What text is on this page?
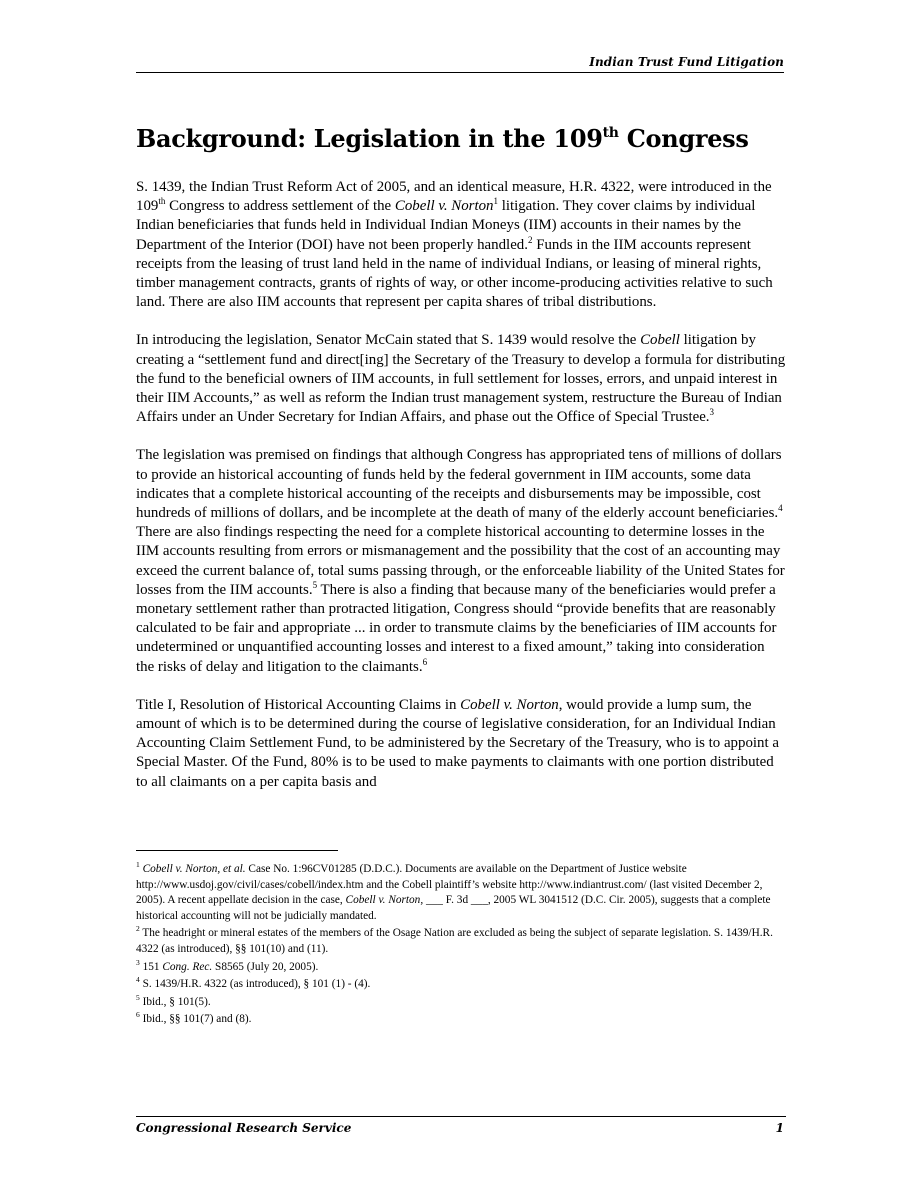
Indian Trust Fund Litigation
Background: Legislation in the 109th Congress

S. 1439, the Indian Trust Reform Act of 2005, and an identical measure, H.R. 4322, were introduced in the 109th Congress to address settlement of the Cobell v. Norton$^1$ litigation. They cover claims by individual Indian beneficiaries that funds held in Individual Indian Moneys (IIM) accounts in their names by the Department of the Interior (DOI) have not been properly handled.$^2$ Funds in the IIM accounts represent receipts from the leasing of trust land held in the name of individual Indians, or leasing of mineral rights, timber management contracts, grants of rights of way, or other income-producing activities relative to such land. There are also IIM accounts that represent per capita shares of tribal distributions.

In introducing the legislation, Senator McCain stated that S. 1439 would resolve the Cobell litigation by creating a “settlement fund and direct[ing] the Secretary of the Treasury to develop a formula for distributing the fund to the beneficial owners of IIM accounts, in full settlement for losses, errors, and unpaid interest in their IIM Accounts,” as well as reform the Indian trust management system, restructure the Bureau of Indian Affairs under an Under Secretary for Indian Affairs, and phase out the Office of Special Trustee.$^3$

The legislation was premised on findings that although Congress has appropriated tens of millions of dollars to provide an historical accounting of funds held by the federal government in IIM accounts, some data indicates that a complete historical accounting of the receipts and disbursements may be impossible, cost hundreds of millions of dollars, and be incomplete at the death of many of the elderly account beneficiaries.$^4$ There are also findings respecting the need for a complete historical accounting to determine losses in the IIM accounts resulting from errors or mismanagement and the possibility that the cost of an accounting may exceed the current balance of, total sums passing through, or the enforceable liability of the United States for losses from the IIM accounts.$^5$ There is also a finding that because many of the beneficiaries would prefer a monetary settlement rather than protracted litigation, Congress should “provide benefits that are reasonably calculated to be fair and appropriate ... in order to transmute claims by the beneficiaries of IIM accounts for undetermined or unquantified accounting losses and interest to a fixed amount,” taking into consideration the risks of delay and litigation to the claimants.$^6$

Title I, Resolution of Historical Accounting Claims in Cobell v. Norton, would provide a lump sum, the amount of which is to be determined during the course of legislative consideration, for an Individual Indian Accounting Claim Settlement Fund, to be administered by the Secretary of the Treasury, who is to appoint a Special Master. Of the Fund, 80% is to be used to make payments to claimants with one portion distributed to all claimants on a per capita basis and

$^1$ Cobell v. Norton, et al. Case No. 1:96CV01285 (D.D.C.). Documents are available on the Department of Justice website http://www.usdoj.gov/civil/cases/cobell/index.htm and the Cobell plaintiff’s website http://www.indiantrust.com/ (last visited December 2, 2005). A recent appellate decision in the case, Cobell v. Norton, ___ F. 3d ___, 2005 WL 3041512 (D.C. Cir. 2005), suggests that a complete historical accounting will not be judicially mandated.
$^2$ The headright or mineral estates of the members of the Osage Nation are excluded as being the subject of separate legislation. S. 1439/H.R. 4322 (as introduced), §§ 101(10) and (11).
$^3$ 151 Cong. Rec. S8565 (July 20, 2005).
$^4$ S. 1439/H.R. 4322 (as introduced), § 101 (1) - (4).
$^5$ Ibid., § 101(5).
$^6$ Ibid., §§ 101(7) and (8).
Congressional Research Service	1
